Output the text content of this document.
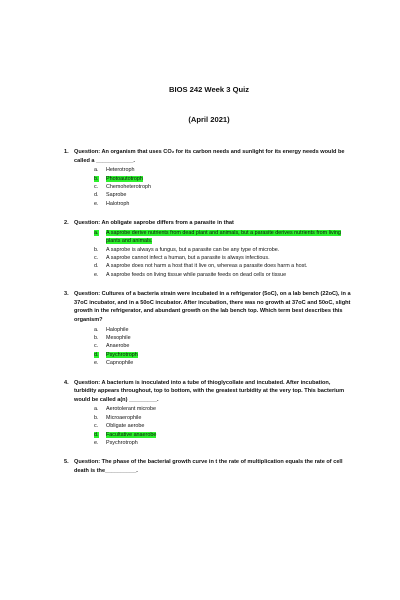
BIOS 242 Week 3 Quiz
(April 2021)
1. Question: An organism that uses CO₂ for its carbon needs and sunlight for its energy needs would be called a ____________.
a.	Heterotroph
b.	Photoautotroph
c.	Chemoheterotroph
d.	Saprobe
e.	Halotroph
2. Question: An obligate saprobe differs from a parasite in that
a.	A saprobe derive nutrients from dead plant and animals, but a parasite derives nutrients from living plants and animals.
b.	A saprobe is always a fungus, but a parasite can be any type of microbe.
c.	A saprobe cannot infect a human, but a parasite is always infectious.
d.	A saprobe does not harm a host that it live on, whereas a parasite does harm a host.
e.	A saprobe feeds on living tissue while parasite feeds on dead cells or tissue
3. Question: Cultures of a bacteria strain were incubated in a refrigerator (5oC), on a lab bench (22oC), in a 37oC incubator, and in a 50oC incubator. After incubation, there was no growth at 37oC and 50oC, slight growth in the refrigerator, and abundant growth on the lab bench top. Which term best describes this organism?
a.	Halophile
b.	Mesophile
c.	Anaerobe
d.	Psychrotroph
e.	Capnophile
4. Question: A bacterium is inoculated into a tube of thioglycollate and incubated. After incubation, turbidity appears throughout, top to bottom, with the greatest turbidity at the very top. This bacterium would be called a(n) _________.
a.	Aerotolerant microbe
b.	Microaerophile
c.	Obligate aerobe
d.	Facultative anaerobe
e.	Psychrotroph
5. Question: The phase of the bacterial growth curve in t the rate of multiplication equals the rate of cell death is the__________.
